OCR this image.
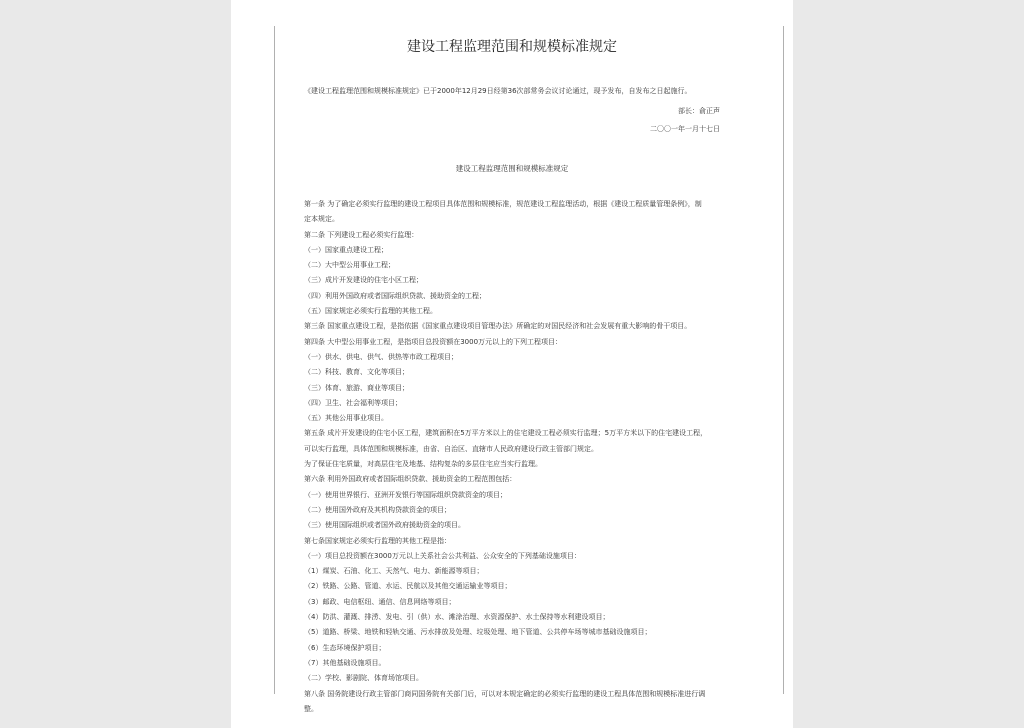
建设工程监理范围和规模标准规定
《建设工程监理范围和规模标准规定》已于2000年12月29日经第36次部常务会议讨论通过，现予发布，自发布之日起施行。
部长：俞正声
二〇〇一年一月十七日
建设工程监理范围和规模标准规定
第一条 为了确定必须实行监理的建设工程项目具体范围和规模标准，规范建设工程监理活动，根据《建设工程质量管理条例》，制
定本规定。
第二条 下列建设工程必须实行监理：
（一）国家重点建设工程；
（二）大中型公用事业工程；
（三）成片开发建设的住宅小区工程；
（四）利用外国政府或者国际组织贷款、援助资金的工程；
（五）国家规定必须实行监理的其他工程。
第三条 国家重点建设工程，是指依据《国家重点建设项目管理办法》所确定的对国民经济和社会发展有重大影响的骨干项目。
第四条 大中型公用事业工程，是指项目总投资额在3000万元以上的下列工程项目：
（一）供水、供电、供气、供热等市政工程项目；
（二）科技、教育、文化等项目；
（三）体育、旅游、商业等项目；
（四）卫生、社会福利等项目；
（五）其他公用事业项目。
第五条 成片开发建设的住宅小区工程，建筑面积在5万平方米以上的住宅建设工程必须实行监理；5万平方米以下的住宅建设工程，
可以实行监理，具体范围和规模标准，由省、自治区、直辖市人民政府建设行政主管部门规定。
为了保证住宅质量，对高层住宅及地基、结构复杂的多层住宅应当实行监理。
第六条 利用外国政府或者国际组织贷款、援助资金的工程范围包括：
（一）使用世界银行、亚洲开发银行等国际组织贷款资金的项目；
（二）使用国外政府及其机构贷款资金的项目；
（三）使用国际组织或者国外政府援助资金的项目。
第七条国家规定必须实行监理的其他工程是指：
（一）项目总投资额在3000万元以上关系社会公共利益、公众安全的下列基础设施项目：
（1）煤炭、石油、化工、天然气、电力、新能源等项目；
（2）铁路、公路、管道、水运、民航以及其他交通运输业等项目；
（3）邮政、电信枢纽、通信、信息网络等项目；
（4）防洪、灌溉、排涝、发电、引（供）水、滩涂治理、水资源保护、水土保持等水利建设项目；
（5）道路、桥梁、地铁和轻轨交通、污水排放及处理、垃圾处理、地下管道、公共停车场等城市基础设施项目；
（6）生态环境保护项目；
（7）其他基础设施项目。
（二）学校、影剧院、体育场馆项目。
第八条 国务院建设行政主管部门商同国务院有关部门后，可以对本规定确定的必须实行监理的建设工程具体范围和规模标准进行调
整。
